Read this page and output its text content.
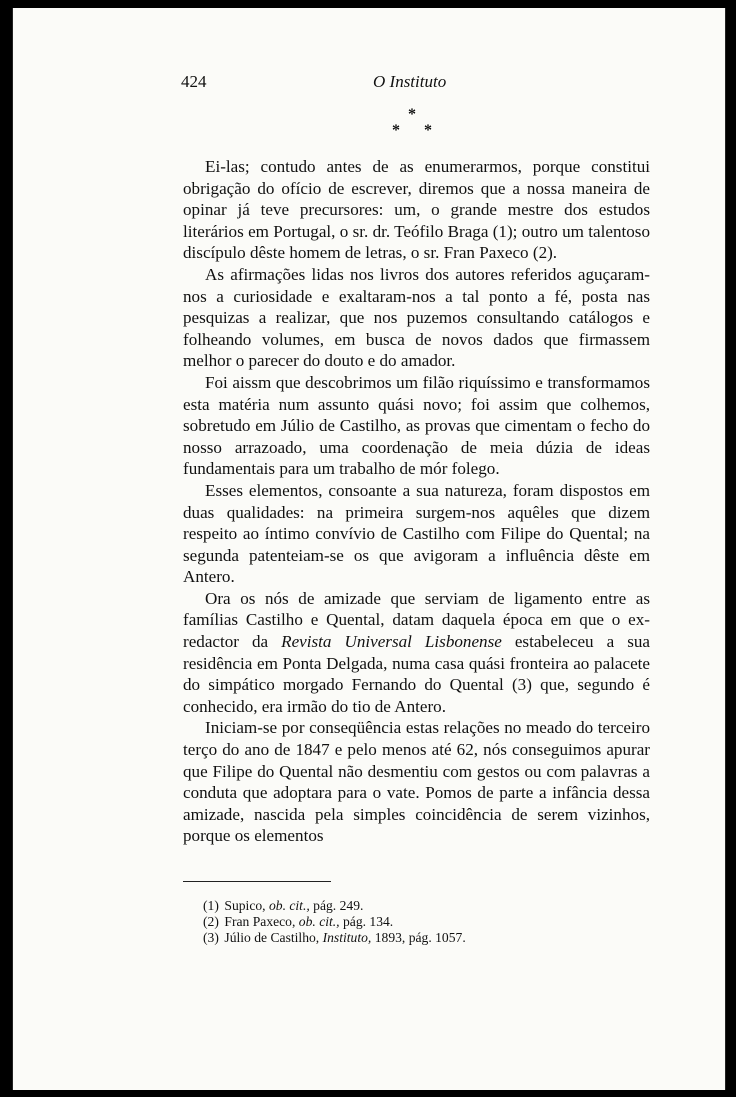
424	O Instituto
*
* *

Ei-las; contudo antes de as enumerarmos, porque constitui obrigação do ofício de escrever, diremos que a nossa maneira de opinar já teve precursores: um, o grande mestre dos estudos literários em Portugal, o sr. dr. Teófilo Braga (1); outro um talentoso discípulo dêste homem de letras, o sr. Fran Paxeco (2).

As afirmações lidas nos livros dos autores referidos aguçaram-nos a curiosidade e exaltaram-nos a tal ponto a fé, posta nas pesquizas a realizar, que nos puzemos consultando catálogos e folheando volumes, em busca de novos dados que firmassem melhor o parecer do douto e do amador.

Foi aissm que descobrimos um filão riquíssimo e transformamos esta matéria num assunto quási novo; foi assim que colhemos, sobretudo em Júlio de Castilho, as provas que cimentam o fecho do nosso arrazoado, uma coordenação de meia dúzia de ideas fundamentais para um trabalho de mór folego.

Esses elementos, consoante a sua natureza, foram dispostos em duas qualidades: na primeira surgem-nos aquêles que dizem respeito ao íntimo convívio de Castilho com Filipe do Quental; na segunda patenteiam-se os que avigoram a influência dêste em Antero.

Ora os nós de amizade que serviam de ligamento entre as famílias Castilho e Quental, datam daquela época em que o ex-redactor da Revista Universal Lisbonense estabeleceu a sua residência em Ponta Delgada, numa casa quási fronteira ao palacete do simpático morgado Fernando do Quental (3) que, segundo é conhecido, era irmão do tio de Antero.

Iniciam-se por conseqüência estas relações no meado do terceiro terço do ano de 1847 e pelo menos até 62, nós conseguimos apurar que Filipe do Quental não desmentiu com gestos ou com palavras a conduta que adoptara para o vate. Pomos de parte a infância dessa amizade, nascida pela simples coincidência de serem vizinhos, porque os elementos

(1) Supico, ob. cit., pág. 249.
(2) Fran Paxeco, ob. cit., pág. 134.
(3) Júlio de Castilho, Instituto, 1893, pág. 1057.
